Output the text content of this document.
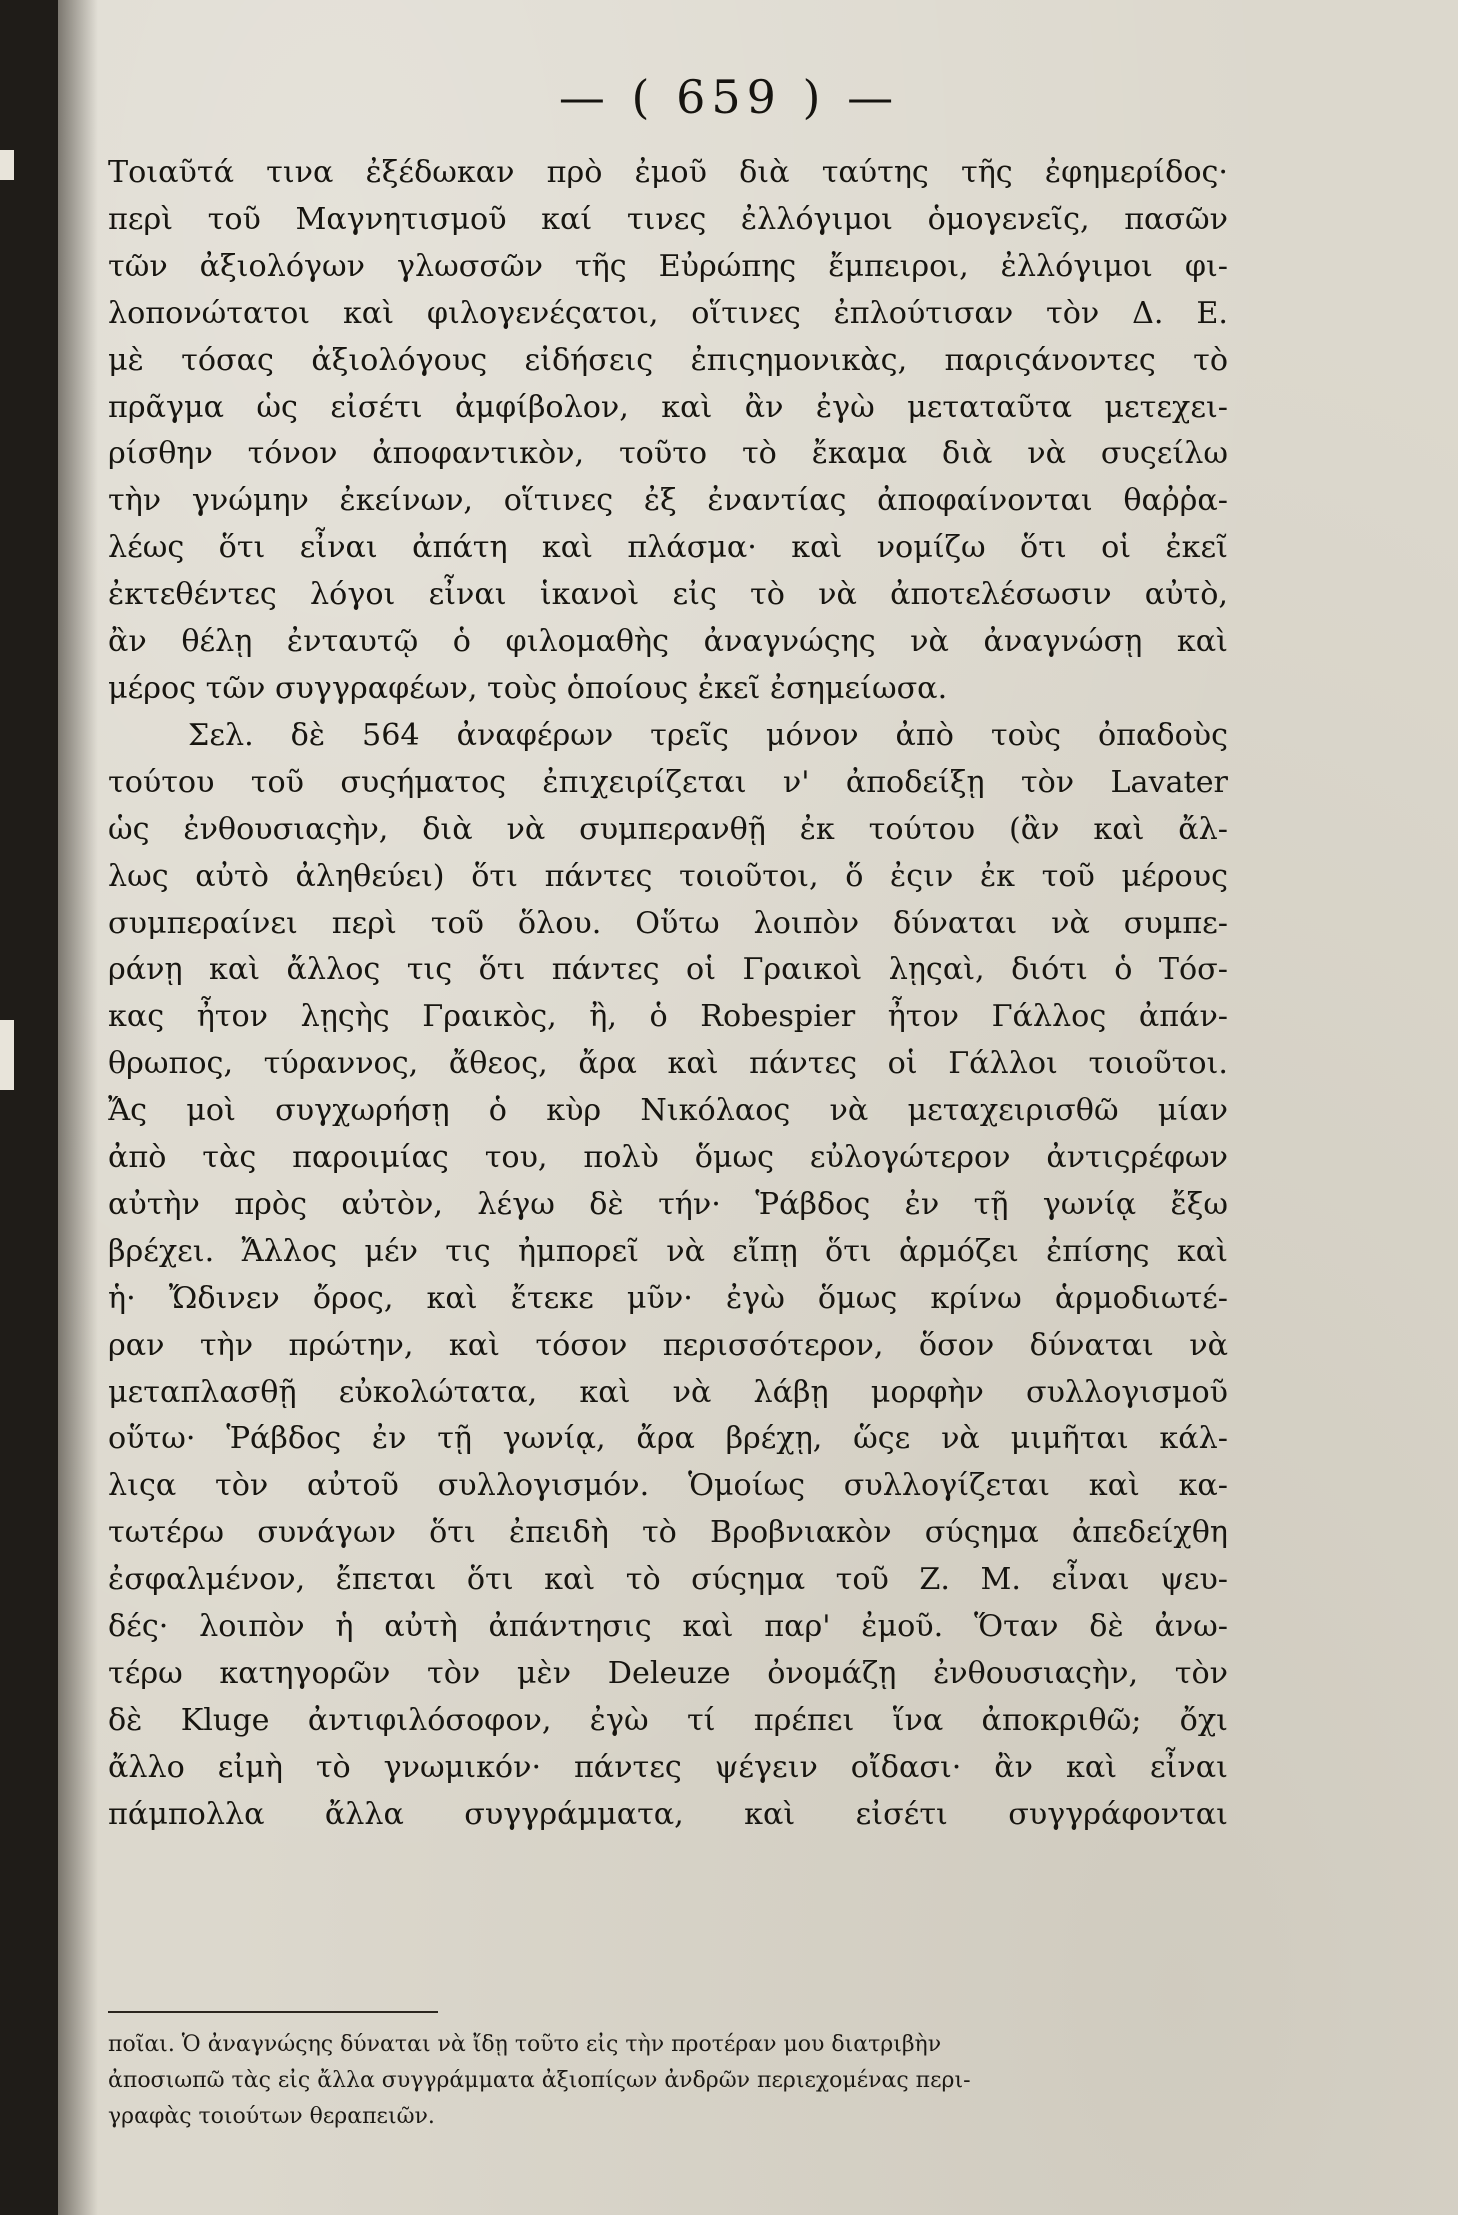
— ( 659 ) —
Τοιαῦτά τινα ἐξέδωκαν πρὸ ἐμοῦ διὰ ταύτης τῆς ἐφημερίδος·
περὶ τοῦ Μαγνητισμοῦ καί τινες ἐλλόγιμοι ὁμογενεῖς, πασῶν
τῶν ἀξιολόγων γλωσσῶν τῆς Εὐρώπης ἔμπειροι, ἐλλόγιμοι φι-
λοπονώτατοι καὶ φιλογενέςατοι, οἵτινες ἐπλούτισαν τὸν Δ. Ε.
μὲ τόσας ἀξιολόγους εἰδήσεις ἐπιςημονικὰς, παριςάνοντες τὸ
πρᾶγμα ὡς εἰσέτι ἀμφίβολον, καὶ ἂν ἐγὼ μεταταῦτα μετεχει-
ρίσθην τόνον ἀποφαντικὸν, τοῦτο τὸ ἔκαμα διὰ νὰ συςείλω
τὴν γνώμην ἐκείνων, οἵτινες ἐξ ἐναντίας ἀποφαίνονται θαῤῥα-
λέως ὅτι εἶναι ἀπάτη καὶ πλάσμα· καὶ νομίζω ὅτι οἱ ἐκεῖ
ἐκτεθέντες λόγοι εἶναι ἱκανοὶ εἰς τὸ νὰ ἀποτελέσωσιν αὐτὸ,
ἂν θέλῃ ἐνταυτῷ ὁ φιλομαθὴς ἀναγνώςης νὰ ἀναγνώσῃ καὶ
μέρος τῶν συγγραφέων, τοὺς ὁποίους ἐκεῖ ἐσημείωσα.
Σελ. δὲ 564 ἀναφέρων τρεῖς μόνον ἀπὸ τοὺς ὀπαδοὺς
τούτου τοῦ συςήματος ἐπιχειρίζεται ν' ἀποδείξῃ τὸν Lavater
ὡς ἐνθουσιαςὴν, διὰ νὰ συμπερανθῇ ἐκ τούτου (ἂν καὶ ἄλ-
λως αὐτὸ ἀληθεύει) ὅτι πάντες τοιοῦτοι, ὅ ἐςιν ἐκ τοῦ μέρους
συμπεραίνει περὶ τοῦ ὅλου. Οὕτω λοιπὸν δύναται νὰ συμπε-
ράνῃ καὶ ἄλλος τις ὅτι πάντες οἱ Γραικοὶ λῃςαὶ, διότι ὁ Τόσ-
κας ἦτον λῃςὴς Γραικὸς, ἢ, ὁ Robespier ἦτον Γάλλος ἀπάν-
θρωπος, τύραννος, ἄθεος, ἄρα καὶ πάντες οἱ Γάλλοι τοιοῦτοι.
Ἄς μοὶ συγχωρήσῃ ὁ κὺρ Νικόλαος νὰ μεταχειρισθῶ μίαν
ἀπὸ τὰς παροιμίας του, πολὺ ὅμως εὐλογώτερον ἀντιςρέφων
αὐτὴν πρὸς αὐτὸν, λέγω δὲ τήν· Ῥάβδος ἐν τῇ γωνίᾳ ἔξω
βρέχει. Ἄλλος μέν τις ἠμπορεῖ νὰ εἴπῃ ὅτι ἁρμόζει ἐπίσης καὶ
ἡ· Ὤδινεν ὄρος, καὶ ἔτεκε μῦν· ἐγὼ ὅμως κρίνω ἁρμοδιωτέ-
ραν τὴν πρώτην, καὶ τόσον περισσότερον, ὅσον δύναται νὰ
μεταπλασθῇ εὐκολώτατα, καὶ νὰ λάβῃ μορφὴν συλλογισμοῦ
οὕτω· Ῥάβδος ἐν τῇ γωνίᾳ, ἄρα βρέχῃ, ὥςε νὰ μιμῆται κάλ-
λιςα τὸν αὐτοῦ συλλογισμόν. Ὁμοίως συλλογίζεται καὶ κα-
τωτέρω συνάγων ὅτι ἐπειδὴ τὸ Βροβνιακὸν σύςημα ἀπεδείχθη
ἐσφαλμένον, ἔπεται ὅτι καὶ τὸ σύςημα τοῦ Ζ. Μ. εἶναι ψευ-
δές· λοιπὸν ἡ αὐτὴ ἀπάντησις καὶ παρ' ἐμοῦ. Ὅταν δὲ ἀνω-
τέρω κατηγορῶν τὸν μὲν Deleuze ὀνομάζῃ ἐνθουσιαςὴν, τὸν
δὲ Kluge ἀντιφιλόσοφον, ἐγὼ τί πρέπει ἵνα ἀποκριθῶ; ὄχι
ἄλλο εἰμὴ τὸ γνωμικόν· πάντες ψέγειν οἴδασι· ἂν καὶ εἶναι
πάμπολλα ἄλλα συγγράμματα, καὶ εἰσέτι συγγράφονται
ποῖαι. Ὁ ἀναγνώςης δύναται νὰ ἴδῃ τοῦτο εἰς τὴν προτέραν μου διατριβὴν
ἀποσιωπῶ τὰς εἰς ἄλλα συγγράμματα ἀξιοπίςων ἀνδρῶν περιεχομένας περι-
γραφὰς τοιούτων θεραπειῶν.
